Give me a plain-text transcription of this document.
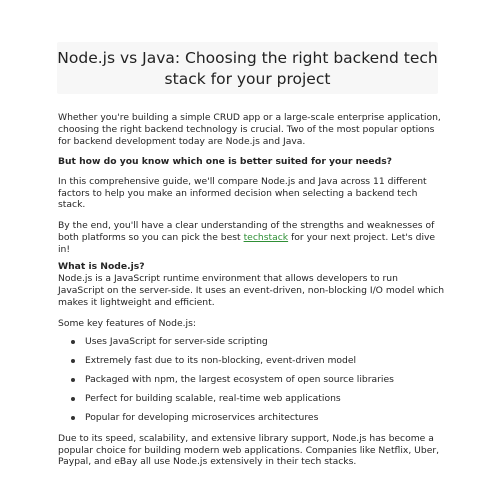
Node.js vs Java: Choosing the right backend tech stack for your project

Whether you're building a simple CRUD app or a large-scale enterprise application, choosing the right backend technology is crucial. Two of the most popular options for backend development today are Node.js and Java.

But how do you know which one is better suited for your needs?

In this comprehensive guide, we'll compare Node.js and Java across 11 different factors to help you make an informed decision when selecting a backend tech stack.

By the end, you'll have a clear understanding of the strengths and weaknesses of both platforms so you can pick the best techstack for your next project. Let's dive in!

What is Node.js?

Node.js is a JavaScript runtime environment that allows developers to run JavaScript on the server-side. It uses an event-driven, non-blocking I/O model which makes it lightweight and efficient.

Some key features of Node.js:

Uses JavaScript for server-side scripting
Extremely fast due to its non-blocking, event-driven model
Packaged with npm, the largest ecosystem of open source libraries
Perfect for building scalable, real-time web applications
Popular for developing microservices architectures

Due to its speed, scalability, and extensive library support, Node.js has become a popular choice for building modern web applications. Companies like Netflix, Uber, Paypal, and eBay all use Node.js extensively in their tech stacks.
